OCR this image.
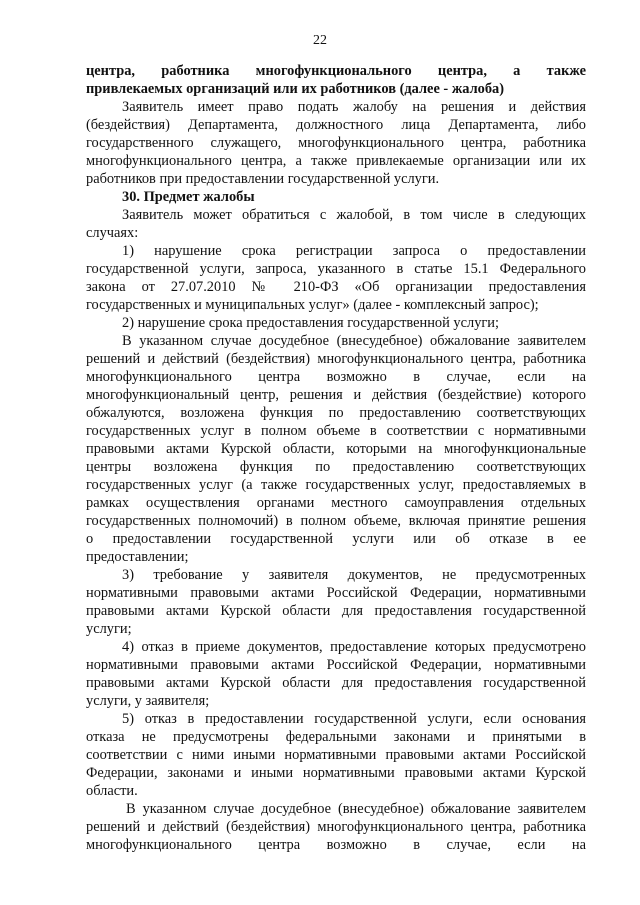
22
центра, работника многофункционального центра, а также
привлекаемых организаций или их работников (далее - жалоба)
Заявитель имеет право подать жалобу на решения и действия
(бездействия) Департамента, должностного лица Департамента, либо
государственного служащего, многофункционального центра, работника
многофункционального центра, а также привлекаемые организации или их
работников при предоставлении государственной услуги.
30. Предмет жалобы
Заявитель может обратиться с жалобой, в том числе в следующих
случаях:
1) нарушение срока регистрации запроса о предоставлении
государственной услуги, запроса, указанного в статье 15.1 Федерального
закона от 27.07.2010 № 210-ФЗ «Об организации предоставления
государственных и муниципальных услуг» (далее - комплексный запрос);
2) нарушение срока предоставления государственной услуги;
В указанном случае досудебное (внесудебное) обжалование заявителем
решений и действий (бездействия) многофункционального центра, работника
многофункционального центра возможно в случае, если на
многофункциональный центр, решения и действия (бездействие) которого
обжалуются, возложена функция по предоставлению соответствующих
государственных услуг в полном объеме в соответствии с нормативными
правовыми актами Курской области, которыми на многофункциональные
центры возложена функция по предоставлению соответствующих
государственных услуг (а также государственных услуг, предоставляемых в
рамках осуществления органами местного самоуправления отдельных
государственных полномочий) в полном объеме, включая принятие решения
о предоставлении государственной услуги или об отказе в ее
предоставлении;
3) требование у заявителя документов, не предусмотренных
нормативными правовыми актами Российской Федерации, нормативными
правовыми актами Курской области для предоставления государственной
услуги;
4) отказ в приеме документов, предоставление которых предусмотрено
нормативными правовыми актами Российской Федерации, нормативными
правовыми актами Курской области для предоставления государственной
услуги, у заявителя;
5) отказ в предоставлении государственной услуги, если основания
отказа не предусмотрены федеральными законами и принятыми в
соответствии с ними иными нормативными правовыми актами Российской
Федерации, законами и иными нормативными правовыми актами Курской
области.
В указанном случае досудебное (внесудебное) обжалование заявителем
решений и действий (бездействия) многофункционального центра, работника
многофункционального центра возможно в случае, если на
